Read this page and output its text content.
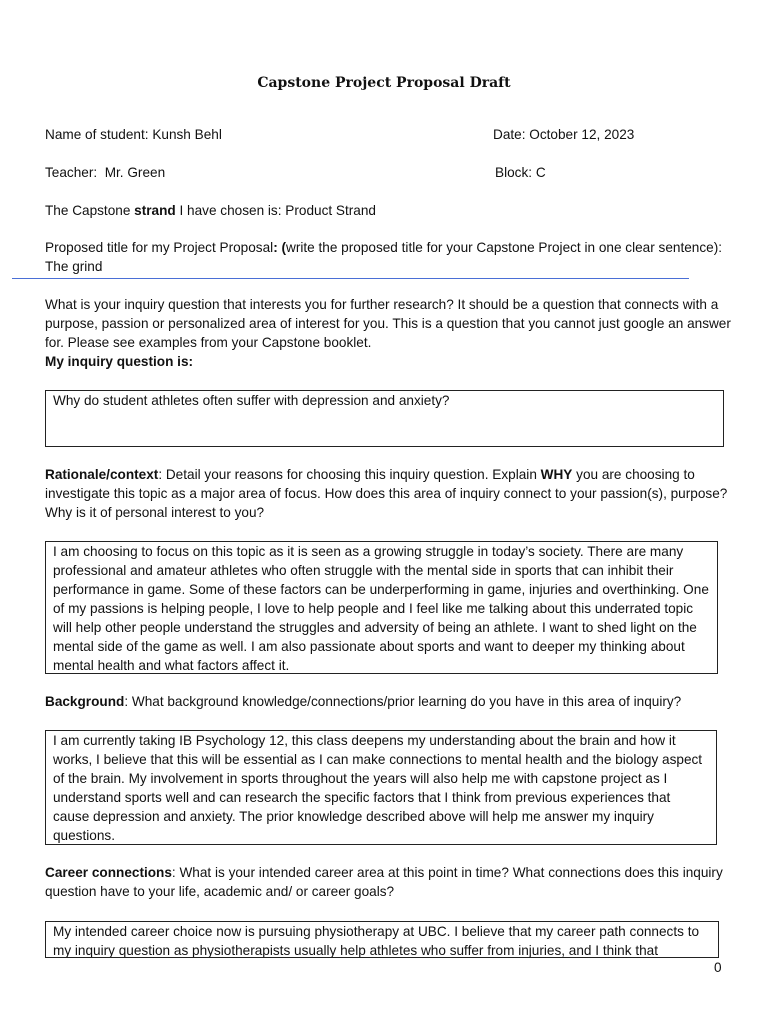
Capstone Project Proposal Draft
Name of student: Kunsh Behl	Date: October 12, 2023
Teacher: Mr. Green	Block: C
The Capstone strand I have chosen is: Product Strand
Proposed title for my Project Proposal: (write the proposed title for your Capstone Project in one clear sentence): The grind
What is your inquiry question that interests you for further research? It should be a question that connects with a purpose, passion or personalized area of interest for you. This is a question that you cannot just google an answer for. Please see examples from your Capstone booklet.
My inquiry question is:
Why do student athletes often suffer with depression and anxiety?
Rationale/context: Detail your reasons for choosing this inquiry question. Explain WHY you are choosing to investigate this topic as a major area of focus. How does this area of inquiry connect to your passion(s), purpose? Why is it of personal interest to you?
I am choosing to focus on this topic as it is seen as a growing struggle in today’s society. There are many professional and amateur athletes who often struggle with the mental side in sports that can inhibit their performance in game. Some of these factors can be underperforming in game, injuries and overthinking. One of my passions is helping people, I love to help people and I feel like me talking about this underrated topic will help other people understand the struggles and adversity of being an athlete. I want to shed light on the mental side of the game as well. I am also passionate about sports and want to deeper my thinking about mental health and what factors affect it.
Background: What background knowledge/connections/prior learning do you have in this area of inquiry?
I am currently taking IB Psychology 12, this class deepens my understanding about the brain and how it works, I believe that this will be essential as I can make connections to mental health and the biology aspect of the brain. My involvement in sports throughout the years will also help me with capstone project as I understand sports well and can research the specific factors that I think from previous experiences that cause depression and anxiety. The prior knowledge described above will help me answer my inquiry questions.
Career connections: What is your intended career area at this point in time? What connections does this inquiry question have to your life, academic and/ or career goals?
My intended career choice now is pursuing physiotherapy at UBC. I believe that my career path connects to my inquiry question as physiotherapists usually help athletes who suffer from injuries, and I think that
0
